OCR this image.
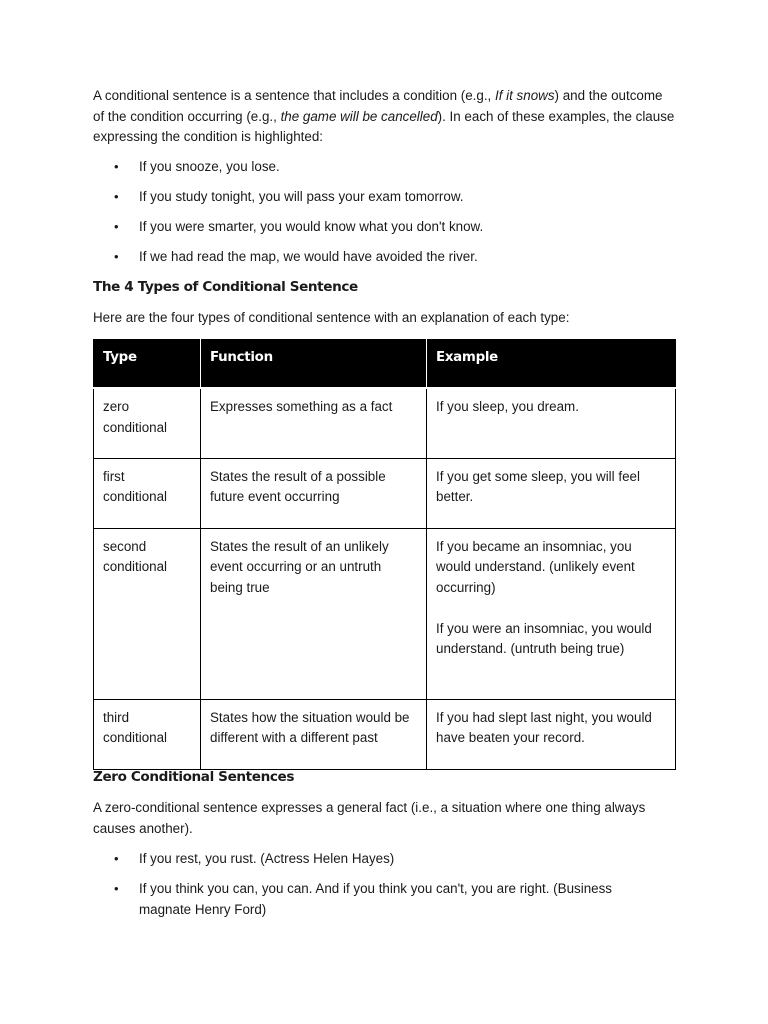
A conditional sentence is a sentence that includes a condition (e.g., If it snows) and the outcome of the condition occurring (e.g., the game will be cancelled). In each of these examples, the clause expressing the condition is highlighted:

• If you snooze, you lose.
• If you study tonight, you will pass your exam tomorrow.
• If you were smarter, you would know what you don't know.
• If we had read the map, we would have avoided the river.
The 4 Types of Conditional Sentence

Here are the four types of conditional sentence with an explanation of each type:

Type	Function	Example
zero conditional	Expresses something as a fact	If you sleep, you dream.
first conditional	States the result of a possible future event occurring	If you get some sleep, you will feel better.
second conditional	States the result of an unlikely event occurring or an untruth being true	If you became an insomniac, you would understand. (unlikely event occurring)
If you were an insomniac, you would understand. (untruth being true)

third conditional	States how the situation would be different with a different past	If you had slept last night, you would have beaten your record.
Zero Conditional Sentences

A zero-conditional sentence expresses a general fact (i.e., a situation where one thing always causes another).

• If you rest, you rust. (Actress Helen Hayes)
• If you think you can, you can. And if you think you can't, you are right. (Business magnate Henry Ford)
